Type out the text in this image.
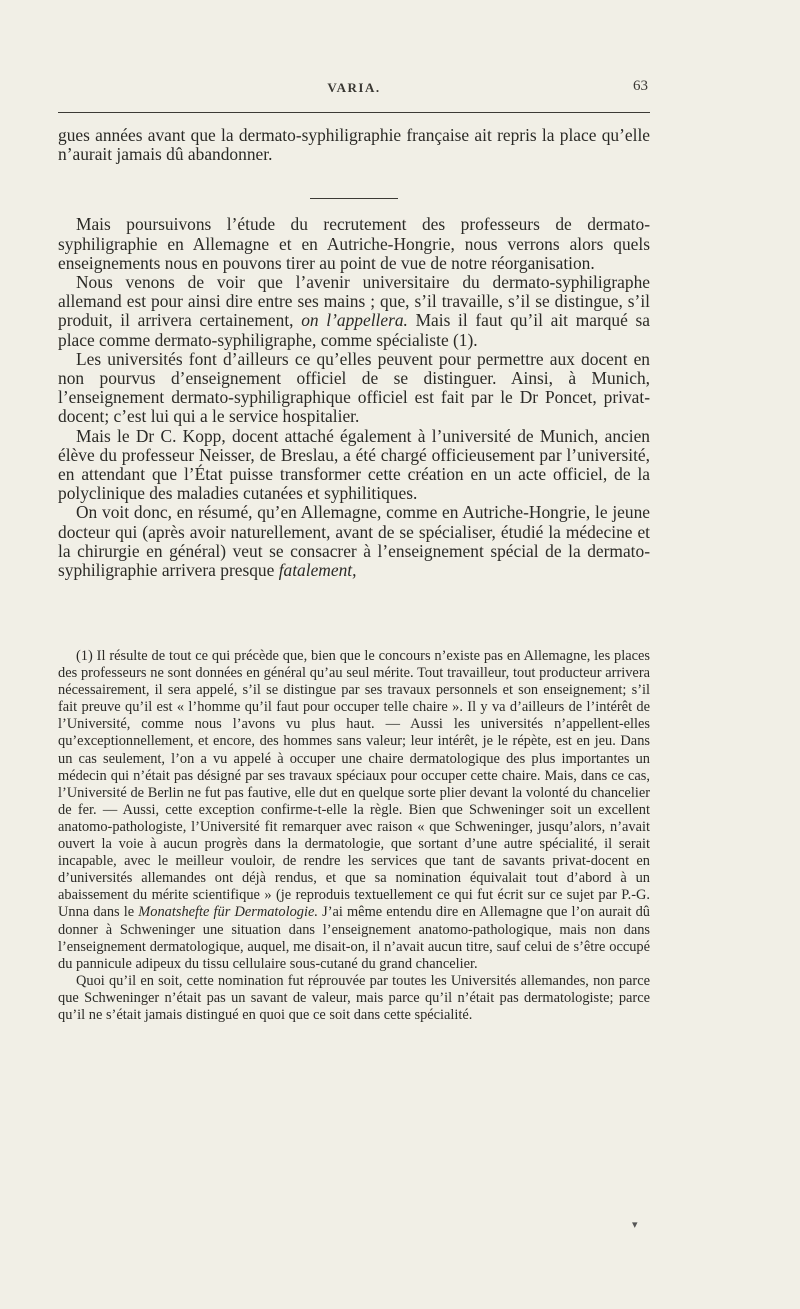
VARIA.	63

gues années avant que la dermato-syphiligraphie française ait repris la place qu’elle n’aurait jamais dû abandonner.

Mais poursuivons l’étude du recrutement des professeurs de dermato-syphiligraphie en Allemagne et en Autriche-Hongrie, nous verrons alors quels enseignements nous en pouvons tirer au point de vue de notre réorganisation.

Nous venons de voir que l’avenir universitaire du dermato-syphiligraphe allemand est pour ainsi dire entre ses mains ; que, s’il travaille, s’il se distingue, s’il produit, il arrivera certainement, on l’appellera. Mais il faut qu’il ait marqué sa place comme dermato-syphiligraphe, comme spécialiste (1).

Les universités font d’ailleurs ce qu’elles peuvent pour permettre aux docent en non pourvus d’enseignement officiel de se distinguer. Ainsi, à Munich, l’enseignement dermato-syphiligraphique officiel est fait par le Dr Poncet, privat-docent; c’est lui qui a le service hospitalier.

Mais le Dr C. Kopp, docent attaché également à l’université de Munich, ancien élève du professeur Neisser, de Breslau, a été chargé officieusement par l’université, en attendant que l’État puisse transformer cette création en un acte officiel, de la polyclinique des maladies cutanées et syphilitiques.

On voit donc, en résumé, qu’en Allemagne, comme en Autriche-Hongrie, le jeune docteur qui (après avoir naturellement, avant de se spécialiser, étudié la médecine et la chirurgie en général) veut se consacrer à l’enseignement spécial de la dermato-syphiligraphie arrivera presque fatalement,

(1) Il résulte de tout ce qui précède que, bien que le concours n’existe pas en Allemagne, les places des professeurs ne sont données en général qu’au seul mérite. Tout travailleur, tout producteur arrivera nécessairement, il sera appelé, s’il se distingue par ses travaux personnels et son enseignement; s’il fait preuve qu’il est « l’homme qu’il faut pour occuper telle chaire ». Il y va d’ailleurs de l’intérêt de l’Université, comme nous l’avons vu plus haut. — Aussi les universités n’appellent-elles qu’exceptionnellement, et encore, des hommes sans valeur; leur intérêt, je le répète, est en jeu. Dans un cas seulement, l’on a vu appelé à occuper une chaire dermatologique des plus importantes un médecin qui n’était pas désigné par ses travaux spéciaux pour occuper cette chaire. Mais, dans ce cas, l’Université de Berlin ne fut pas fautive, elle dut en quelque sorte plier devant la volonté du chancelier de fer. — Aussi, cette exception confirme-t-elle la règle. Bien que Schweninger soit un excellent anatomo-pathologiste, l’Université fit remarquer avec raison « que Schweninger, jusqu’alors, n’avait ouvert la voie à aucun progrès dans la dermatologie, que sortant d’une autre spécialité, il serait incapable, avec le meilleur vouloir, de rendre les services que tant de savants privat-docent en d’universités allemandes ont déjà rendus, et que sa nomination équivalait tout d’abord à un abaissement du mérite scientifique » (je reproduis textuellement ce qui fut écrit sur ce sujet par P.-G. Unna dans le Monatshefte für Dermatologie. J’ai même entendu dire en Allemagne que l’on aurait dû donner à Schweninger une situation dans l’enseignement anatomo-pathologique, mais non dans l’enseignement dermatologique, auquel, me disait-on, il n’avait aucun titre, sauf celui de s’être occupé du pannicule adipeux du tissu cellulaire sous-cutané du grand chancelier.

Quoi qu’il en soit, cette nomination fut réprouvée par toutes les Universités allemandes, non parce que Schweninger n’était pas un savant de valeur, mais parce qu’il n’était pas dermatologiste; parce qu’il ne s’était jamais distingué en quoi que ce soit dans cette spécialité.

▾
